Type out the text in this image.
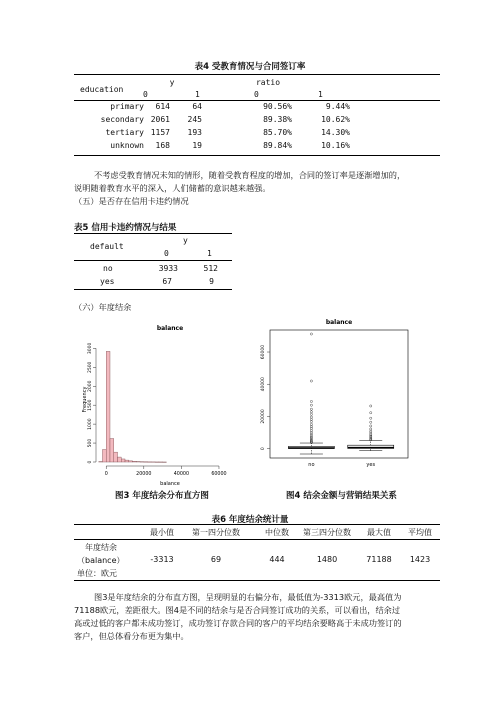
表4 受教育情况与合同签订率
education
y	ratio
0	1	0	1
primary	614	64	90.56%	9.44%
secondary 2061	245	89.38%	10.62%
tertiary 1157	193	85.70%	14.30%
unknown	168	19	89.84%	10.16%
不考虑受教育情况未知的情形，随着受教育程度的增加，合同的签订率是逐渐增加的，
说明随着教育水平的深入，人们储蓄的意识越来越强。
（五）是否存在信用卡违约情况
表5 信用卡违约情况与结果
default
y
0	1
no	3933	512
yes	67	9
（六）年度结余
balance
0
500
1000
1500
2000
2500
3000
Frequency
0	20000	40000	60000
balance
balance
0
20000
40000
60000
no	yes
图3 年度结余分布直方图	图4 结余金额与营销结果关系
表6 年度结余统计量
最小值	第一四分位数	中位数	第三四分位数	最大值	平均值
年度结余
（balance）
单位：欧元
-3313	69	444	1480	71188	1423
图3是年度结余的分布直方图，呈现明显的右偏分布，最低值为-3313欧元，最高值为
71188欧元，差距很大。图4是不同的结余与是否合同签订成功的关系，可以看出，结余过
高或过低的客户都未成功签订，成功签订存款合同的客户的平均结余要略高于未成功签订的
客户，但总体看分布更为集中。
